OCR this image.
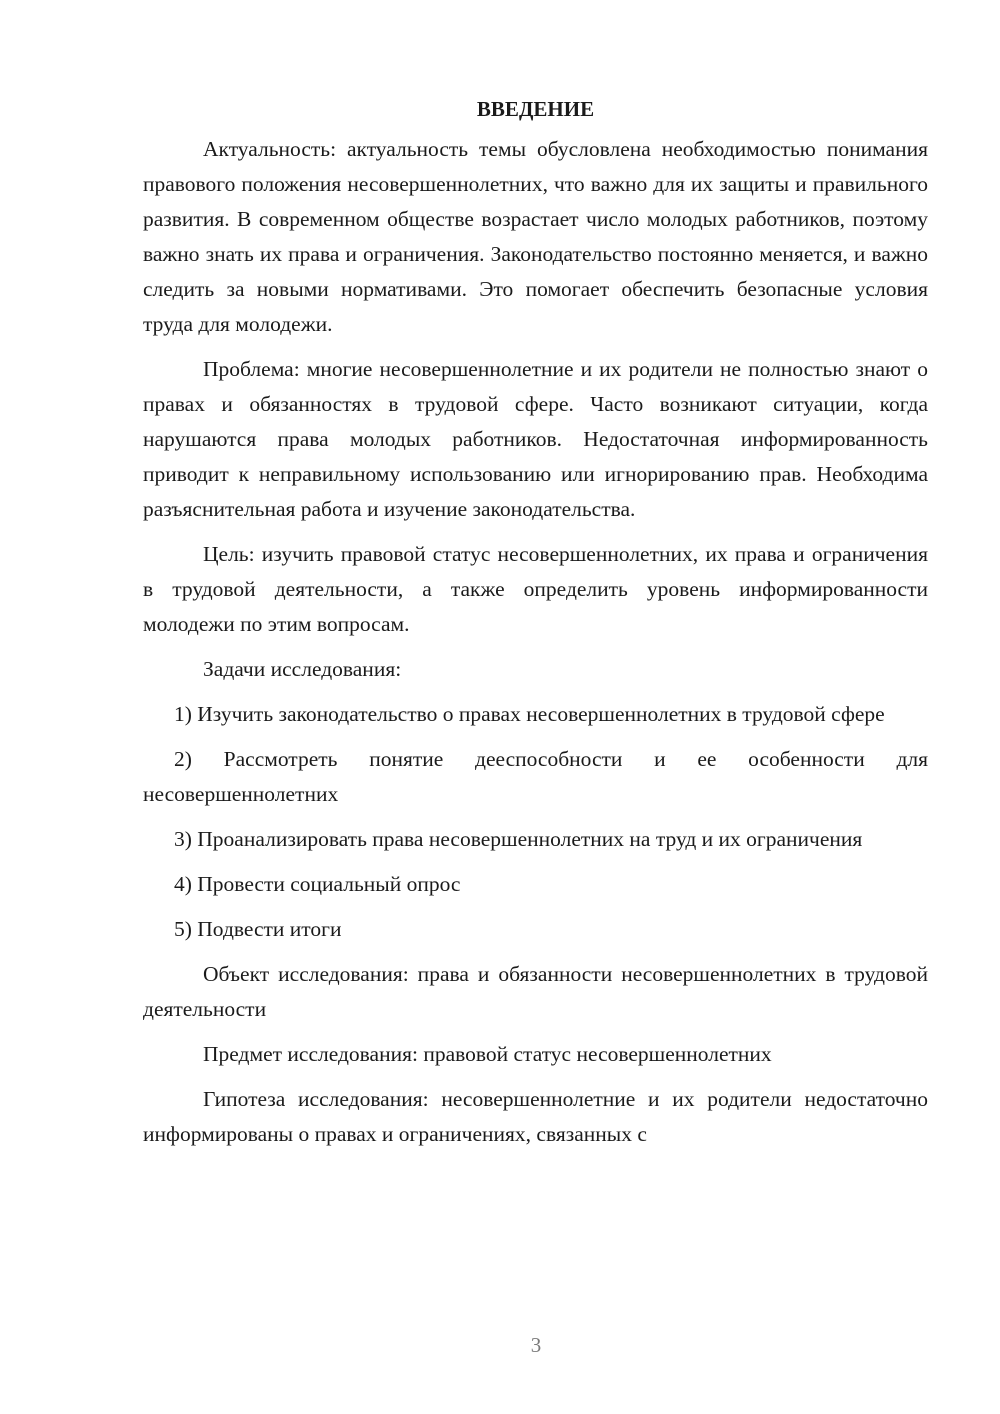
ВВЕДЕНИЕ

Актуальность: актуальность темы обусловлена необходимостью понимания правового положения несовершеннолетних, что важно для их защиты и правильного развития. В современном обществе возрастает число молодых работников, поэтому важно знать их права и ограничения. Законодательство постоянно меняется, и важно следить за новыми нормативами. Это помогает обеспечить безопасные условия труда для молодежи.

Проблема: многие несовершеннолетние и их родители не полностью знают о правах и обязанностях в трудовой сфере. Часто возникают ситуации, когда нарушаются права молодых работников. Недостаточная информированность приводит к неправильному использованию или игнорированию прав. Необходима разъяснительная работа и изучение законодательства.

Цель: изучить правовой статус несовершеннолетних, их права и ограничения в трудовой деятельности, а также определить уровень информированности молодежи по этим вопросам.

Задачи исследования:

1) Изучить законодательство о правах несовершеннолетних в трудовой сфере

2) Рассмотреть понятие дееспособности и ее особенности для несовершеннолетних

3) Проанализировать права несовершеннолетних на труд и их ограничения

4) Провести социальный опрос

5) Подвести итоги

Объект исследования: права и обязанности несовершеннолетних в трудовой деятельности

Предмет исследования: правовой статус несовершеннолетних

Гипотеза исследования: несовершеннолетние и их родители недостаточно информированы о правах и ограничениях, связанных с

3
